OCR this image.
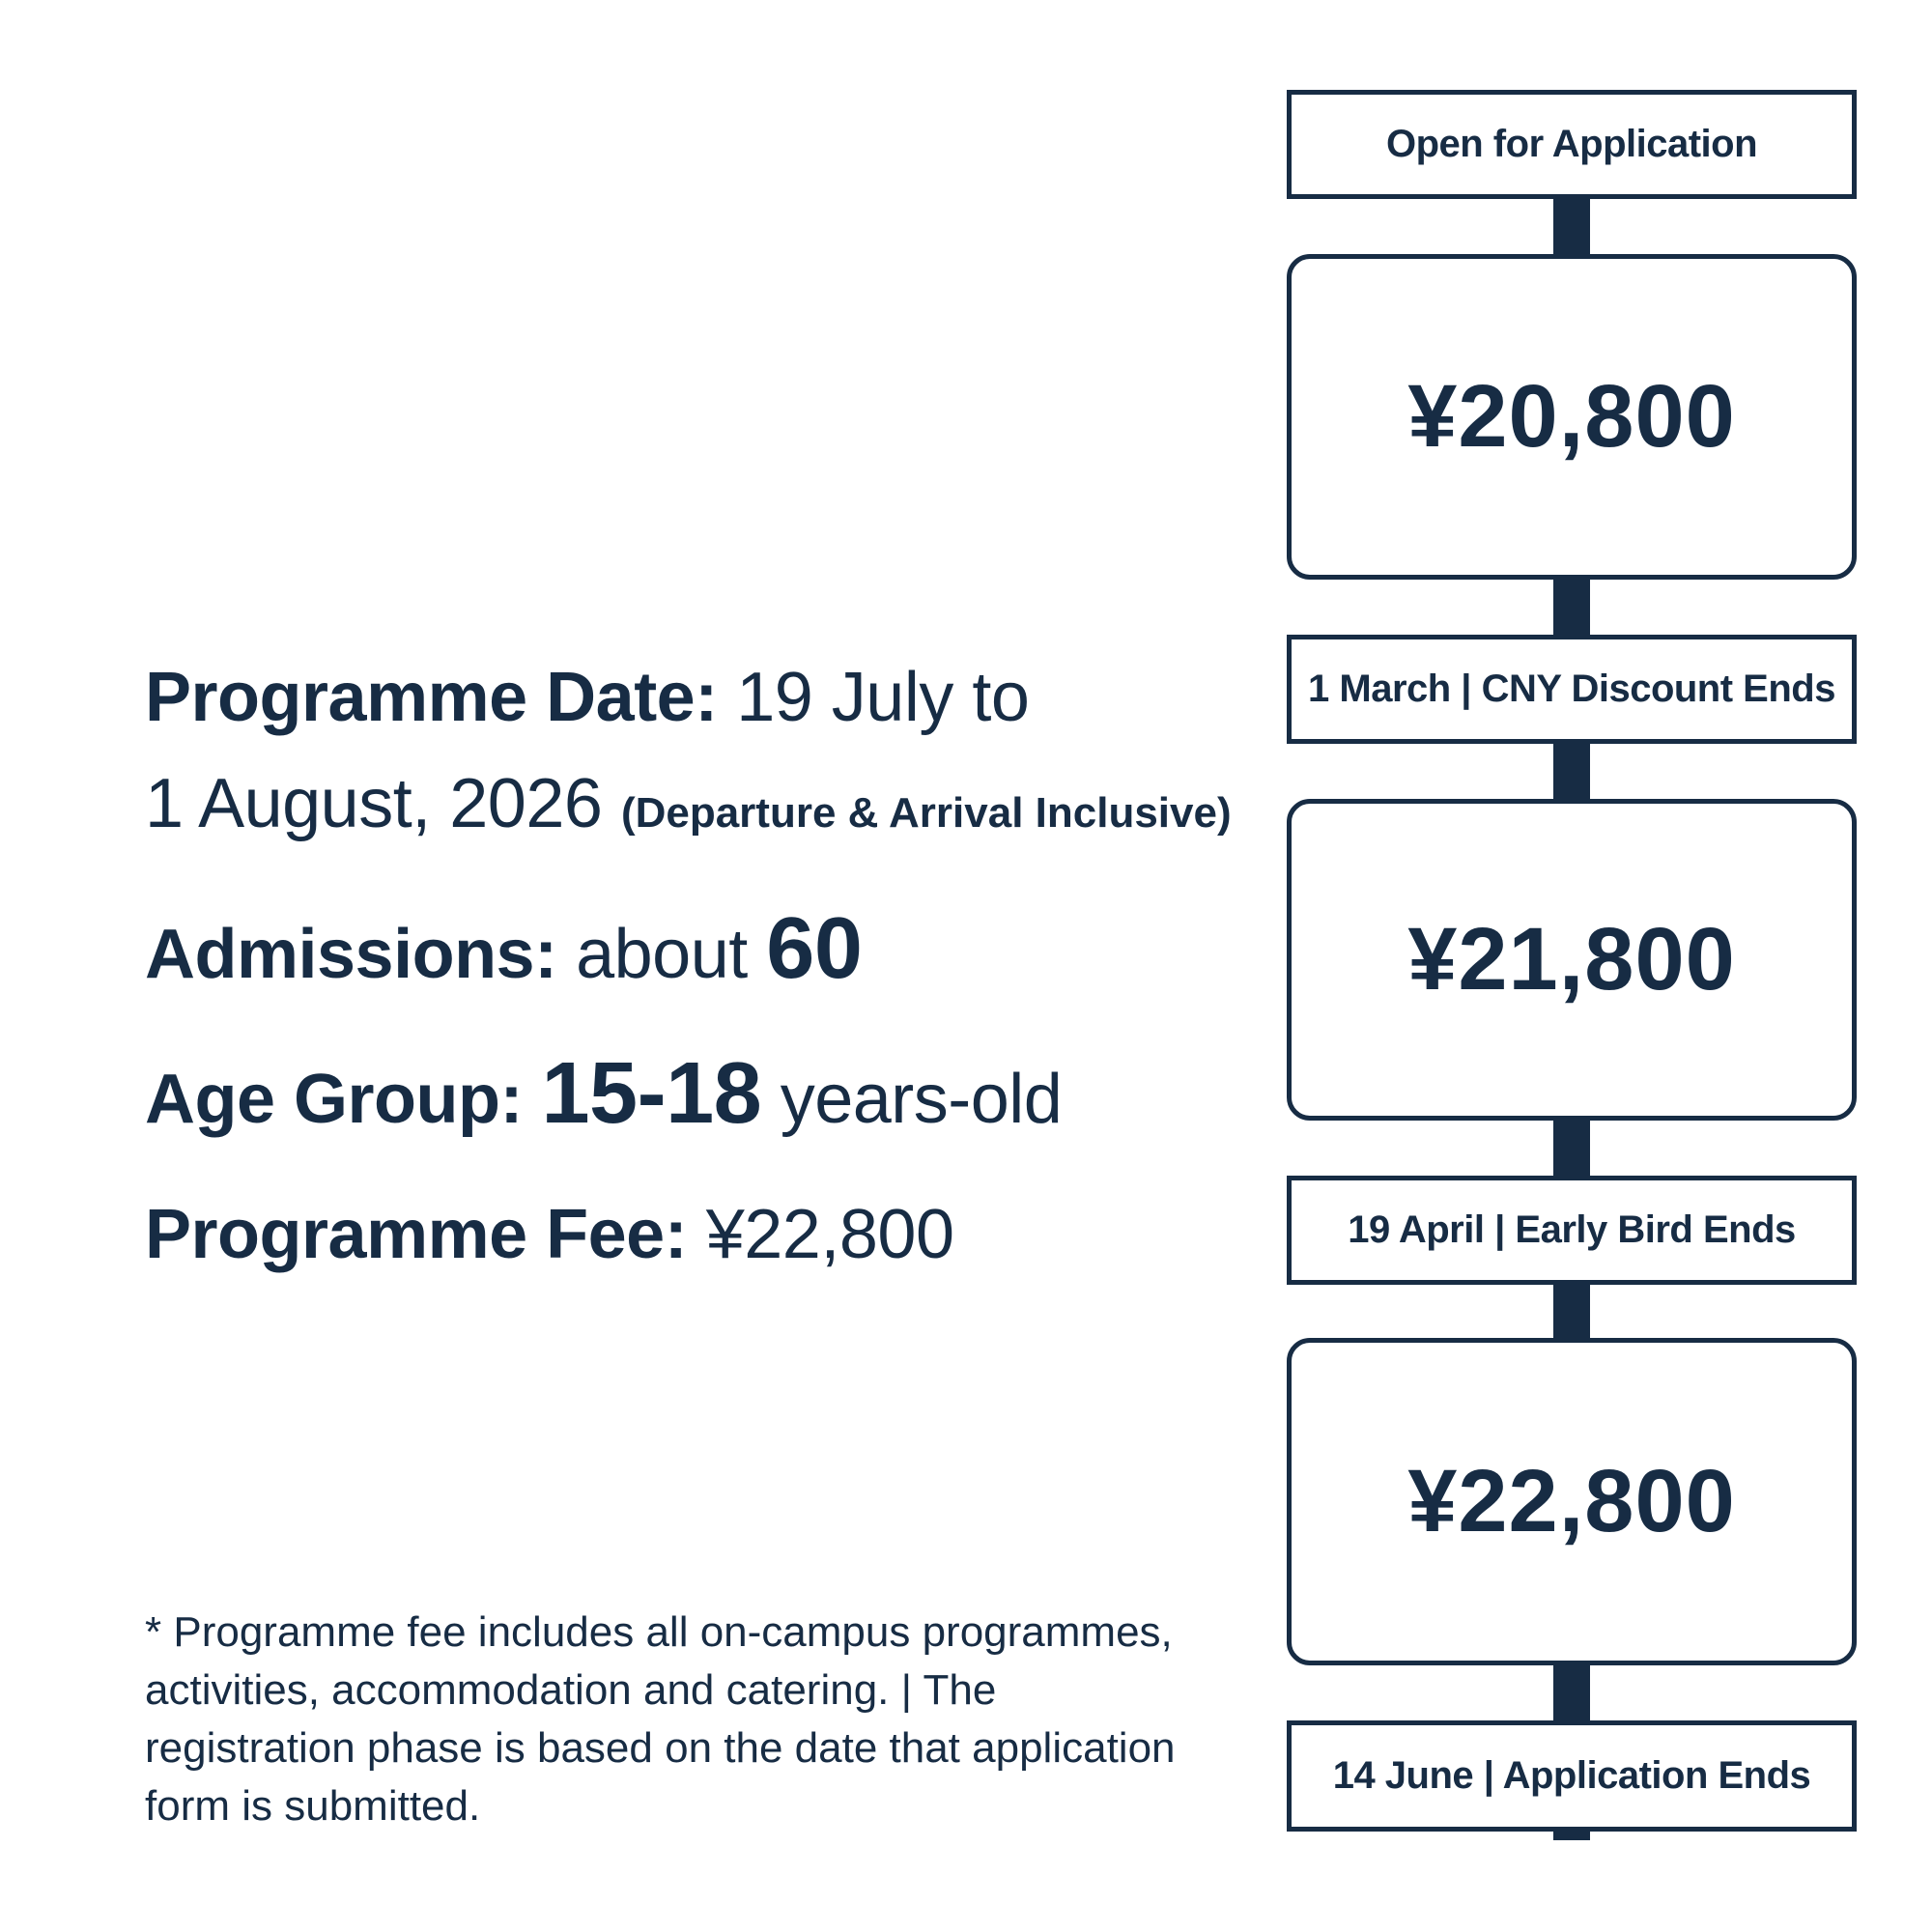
Programme Date: 19 July to
1 August, 2026 (Departure & Arrival Inclusive)
Admissions: about 60
Age Group: 15-18 years-old
Programme Fee: ¥22,800
* Programme fee includes all on-campus programmes,
activities, accommodation and catering. | The
registration phase is based on the date that application
form is submitted.
Open for Application
¥20,800
1 March | CNY Discount Ends
¥21,800
19 April | Early Bird Ends
¥22,800
14 June | Application Ends
